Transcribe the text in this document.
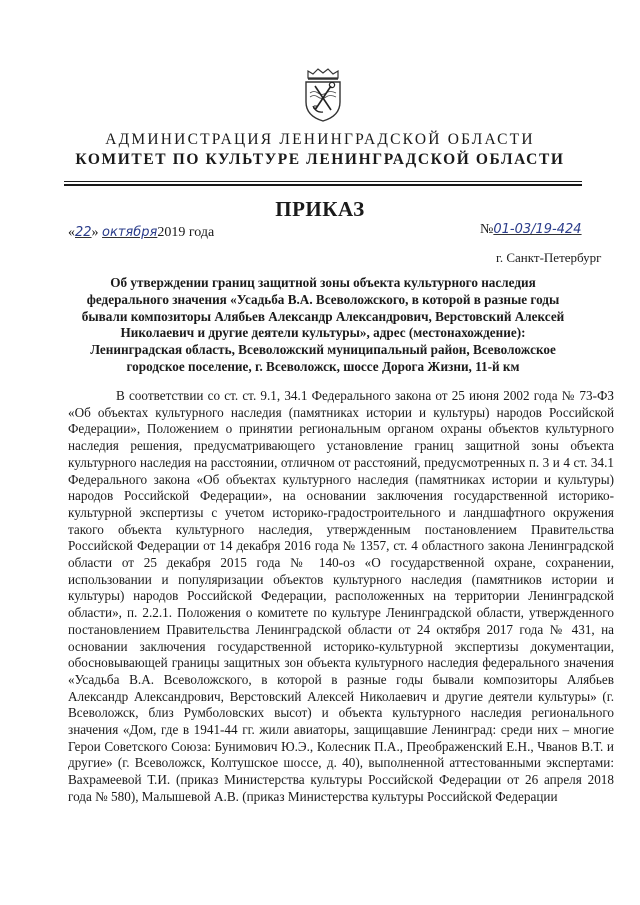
АДМИНИСТРАЦИЯ ЛЕНИНГРАДСКОЙ ОБЛАСТИ
КОМИТЕТ ПО КУЛЬТУРЕ ЛЕНИНГРАДСКОЙ ОБЛАСТИ
ПРИКАЗ
«22» октября2019 года	№01-03/19-424
г. Санкт-Петербург
Об утверждении границ защитной зоны объекта культурного наследия федерального значения «Усадьба В.А. Всеволожского, в которой в разные годы бывали композиторы Алябьев Александр Александрович, Верстовский Алексей Николаевич и другие деятели культуры», адрес (местонахождение): Ленинградская область, Всеволожский муниципальный район, Всеволожское городское поселение, г. Всеволожск, шоссе Дорога Жизни, 11-й км
В соответствии со ст. ст. 9.1, 34.1 Федерального закона от 25 июня 2002 года № 73-ФЗ «Об объектах культурного наследия (памятниках истории и культуры) народов Российской Федерации», Положением о принятии региональным органом охраны объектов культурного наследия решения, предусматривающего установление границ защитной зоны объекта культурного наследия на расстоянии, отличном от расстояний, предусмотренных п. 3 и 4 ст. 34.1 Федерального закона «Об объектах культурного наследия (памятниках истории и культуры) народов Российской Федерации», на основании заключения государственной историко-культурной экспертизы с учетом историко-градостроительного и ландшафтного окружения такого объекта культурного наследия, утвержденным постановлением Правительства Российской Федерации от 14 декабря 2016 года № 1357, ст. 4 областного закона Ленинградской области от 25 декабря 2015 года № 140-оз «О государственной охране, сохранении, использовании и популяризации объектов культурного наследия (памятников истории и культуры) народов Российской Федерации, расположенных на территории Ленинградской области», п. 2.2.1. Положения о комитете по культуре Ленинградской области, утвержденного постановлением Правительства Ленинградской области от 24 октября 2017 года № 431, на основании заключения государственной историко-культурной экспертизы документации, обосновывающей границы защитных зон объекта культурного наследия федерального значения «Усадьба В.А. Всеволожского, в которой в разные годы бывали композиторы Алябьев Александр Александрович, Верстовский Алексей Николаевич и другие деятели культуры» (г. Всеволожск, близ Румболовских высот) и объекта культурного наследия регионального значения «Дом, где в 1941-44 гг. жили авиаторы, защищавшие Ленинград: среди них – многие Герои Советского Союза: Бунимович Ю.Э., Колесник П.А., Преображенский Е.Н., Чванов В.Т. и другие» (г. Всеволожск, Колтушское шоссе, д. 40), выполненной аттестованными экспертами: Вахрамеевой Т.И. (приказ Министерства культуры Российской Федерации от 26 апреля 2018 года № 580), Малышевой А.В. (приказ Министерства культуры Российской Федерации
